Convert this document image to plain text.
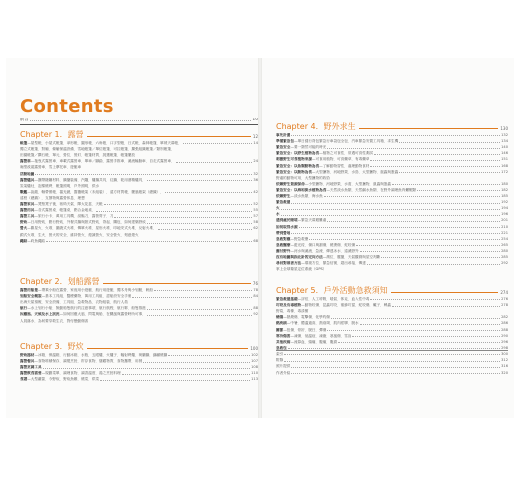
Contents
前言	10
Chapter 1．露營	12
帳篷—屋型帳．小屋式帳篷．拿形帳．圓形帳．六角帳．口字型帳．日式帳．森林帳篷．單坡天幕帳．	14
獨立式帳篷．對艙．條艙保溫設備．雪地帳篷／單位帳篷．可拉帳篷．擴張組織帳篷／類別帳篷．
田園帳篷／鑽石帳．單元．營位．營釘．帳篷材質．挑選帳篷．帳篷擺放
露營車—拖曳式露營車．車載式露營車．單車／腳踏．露營手推車．溪流輪胎車．自走式露營車．	24
廂型改裝露營車．雪上摩托車．遊艇車
活動地圖	32
露營爐具—攜帶鏈罐材料．鍋盤裝備．汽爐．爐鍋共具．紅鍋．乾用酒精爐具．	36
炭架爐灶．泡棉燒烤．帳篷照明．戶外照明．供水
戰艦—說龍．軸帶照帳．擋光繞．摺疊帳架（未組裝）．遠方材質帳．擺風帳架（總織）．	42
遠程（總織）．支撐物與露營休息．理想
露營家具—凳墊凳子後．宿椅天氣．陣大花盆．天帳	52
露營用具—各式露營桌．帳篷桌．鋁合金地桌．	55
露營工具—旅行小卡．萬用工具機．刮鬍刀．露營剪子．刀	57
野炊—日用野炊．鋁行野炊．外餐式鍋與熱式野炊．背起．購包．如何建築野炊	58
營火—錐星火．火堆．圍繞式火堆．傳單火堆．星形火堆．印地安式火堆．反射火堆．	62
鎖式火堆．生火．營火的安全．維持營火．熄滅營火．安全營火．刻意熄火
繩結—約魚繩結	68
Chapter 2．划船露營	76
露營用船隻—帶乘小船在露營．家庭用小遊艇．航行用遊艇．獨木舟與小划艇．帆船	78
划船安全概說—基本工具組．醫療藥物．萬用工具組．認船設安全手冊	84
出海天氣預報．安全設備．工具組．急救物品．衣物組裝．航行人員
航行—水上划行小船．無動船隻航行的注意事項．航行航程．航行夥．船隻推進	88
因應風、天候及水上狀況—如何因應大風．閃電與船．在颶風與露營時所可事．	92
人員落水．為何要穿救生衣．對付懸動傷害
Chapter 3．野炊	100
野炊器材—冰箱．保溫箱．行動冰箱．水瓶．五眼爐．火爐子．輻射烤爐．荷蘭鍋．鑄鐵燒鍋	102
露營餐具—食物堆積保存．調製烹飪．貯存食物．儲藏物質．食物攜帶．用餐	107
露營烹調工具	108
露營飲食需要—規劃菜單．調理食物．調香溫度．湯之烹飪料理	110
食譜—大型蘿蔔．今野炊．野炊魚雞．燒菜．烘菜	113
Chapter 4．野外求生	130
事先計畫	132
準備緊急包—單日健行背包緊急行車袋包全包．汽車緊急安置工具箱．求生機	134
緊急安全—要一類然可能的時光	140
緊急安全：以野生植物為食—植物之可食性．常遇可食性測試	146
刺激野生可食植物來源—可食用植物．可食藥草．有毒藥草	151
緊急安全：以魚類動物為食—了解動物習性．處理動物食材	168
緊急安全：以動物為食—大型獵物．河地野果．水鳥．大型獵物．鼠蟲與蛋蟲	172
野處的動物可用．大型獵物的收拾
依賴野生資源保命—小型獵物．河地野果．水禽．大型獵物．鼠蟲與蛋蟲	180
緊急安全：以海和淡水植物為食—天然淡水魚類．天然鹹水魚類．在野外調理魚肉蠣蝦類	182
依賴野生—淡水魚類．海水魚	185
緊急救援	192
火	194
水	196
遇到處於險境—緊急天幕避難處	201
如何取得水源	210
帶到營地	221
急救對應—野急救療	254
急救醫療—藍光疫．傷口與割傷．燒燙傷．蛇咬傷	265
應付野外—河水與溪流．急流．傳達冰水．遠溪野外	280
沒有地圖與指北針的定向方法—測位．羅盤．天氣觀測與星空判斷	285
尋回對領者方法—環境方位．緊急信號．超出尋接．傳達	292
掌上全球衛星定位系統（GPS）
Chapter 5．戶外活動急救須知	274
緊急救援基礎—評估．人工呼吸．噎氣．休克．血入性中毒	276
叮咬及有毒植物—動物咬傷．昆蟲叮咬．蜜蜂叮蜇．蛇咬傷．蠍子．蜱蟲	278
野葛．毒橡．毒漆樹
燒傷—熱燒傷．電擊傷．化學灼傷	282
熱疾病—中暑．體溫過高．熱衰竭．肌肉痙攣．脫水	286
關節—扭傷．骨折．脫臼．彈傷	288
寒冷傷害—凍傷．低溫症．凍瘡．寒風傷．雪盲	290
其他疾病—流鼻血．頭痛．腹痛．腹瀉	296
急救包	298
索引	300
附錄	312
照片提供	316
作者介紹	320
